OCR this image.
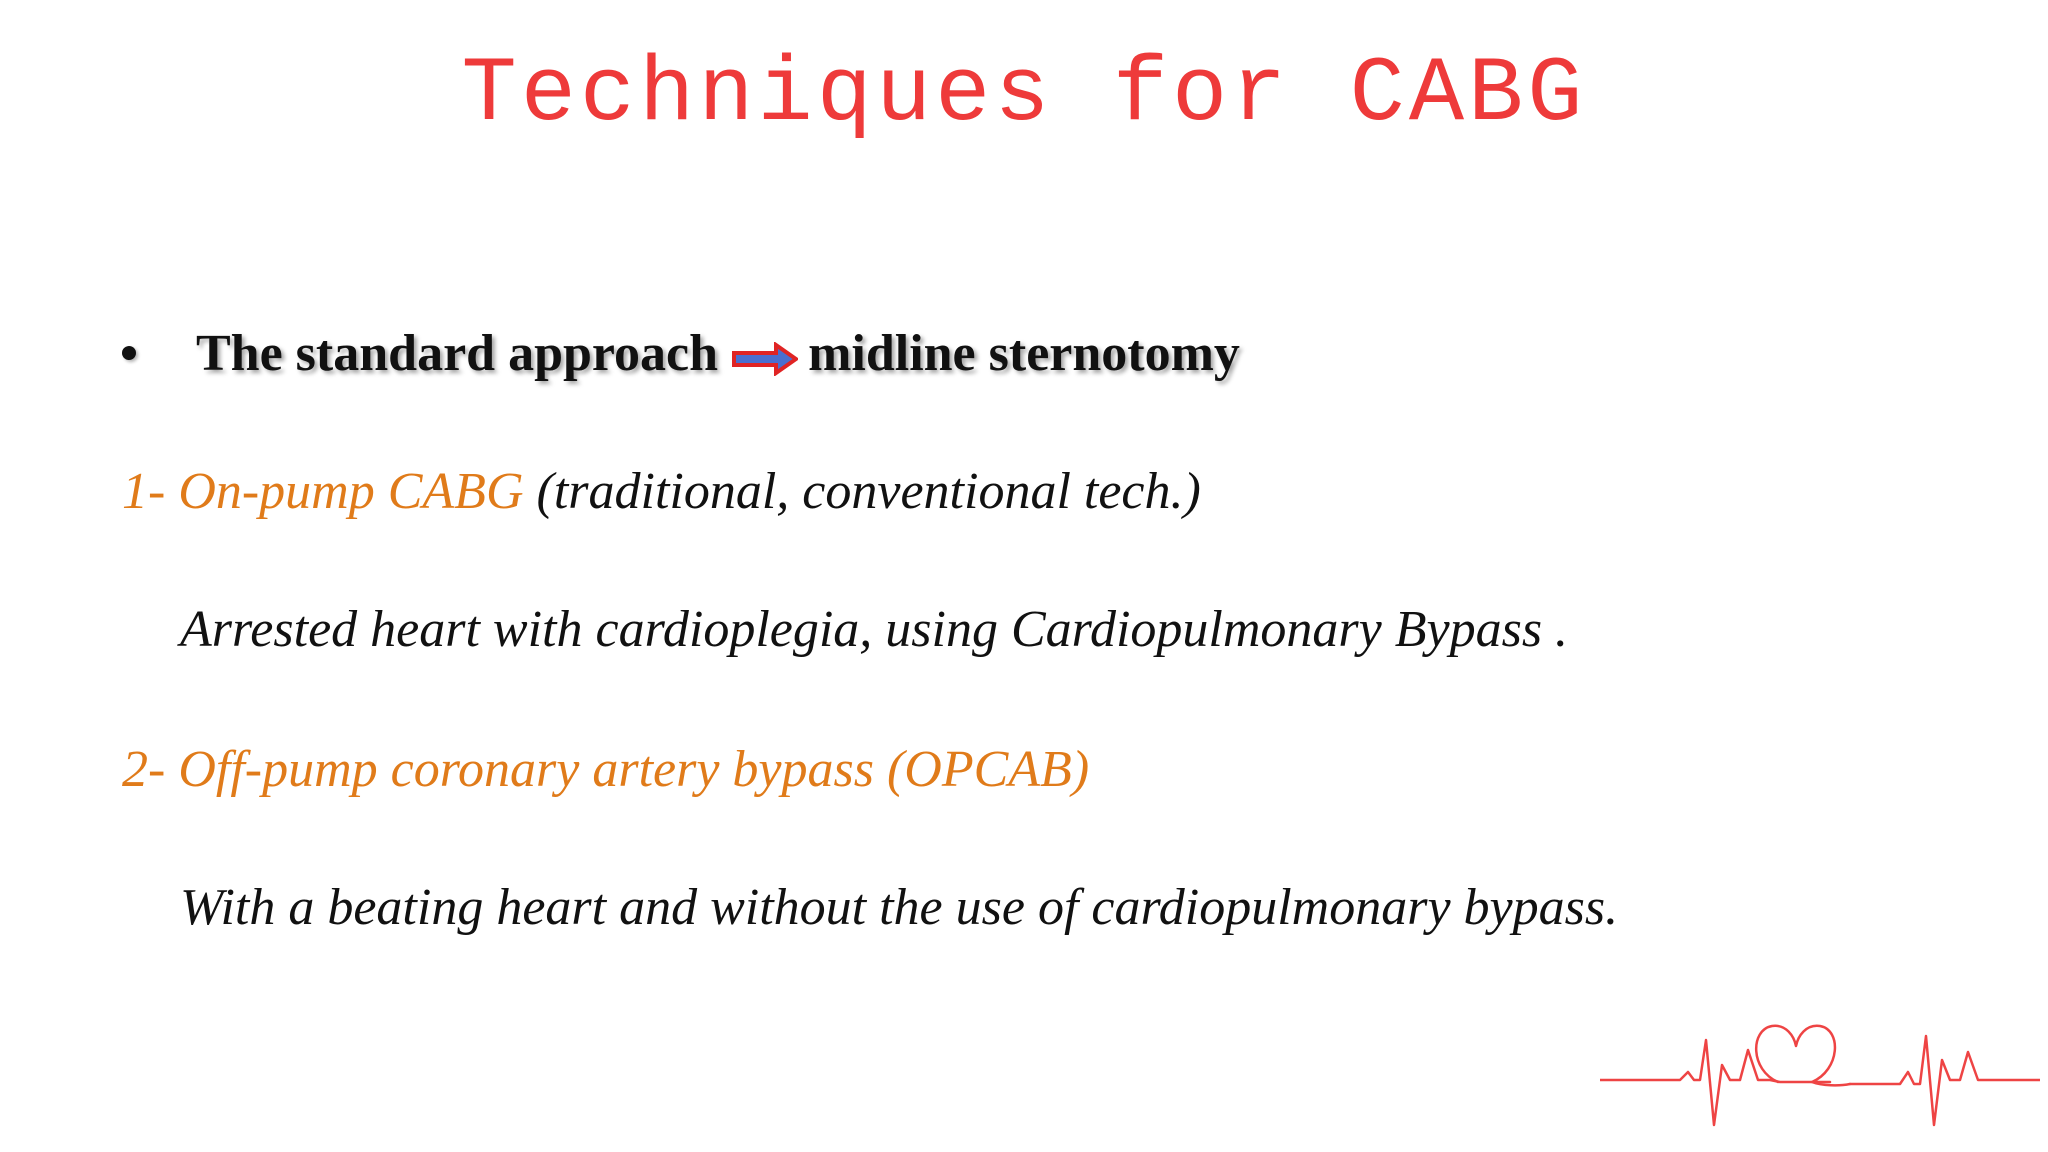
Techniques for CABG
The standard approach midline sternotomy
1- On-pump CABG (traditional, conventional tech.)
Arrested heart with cardioplegia, using Cardiopulmonary Bypass .
2- Off-pump coronary artery bypass (OPCAB)
With a beating heart and without the use of cardiopulmonary bypass.
